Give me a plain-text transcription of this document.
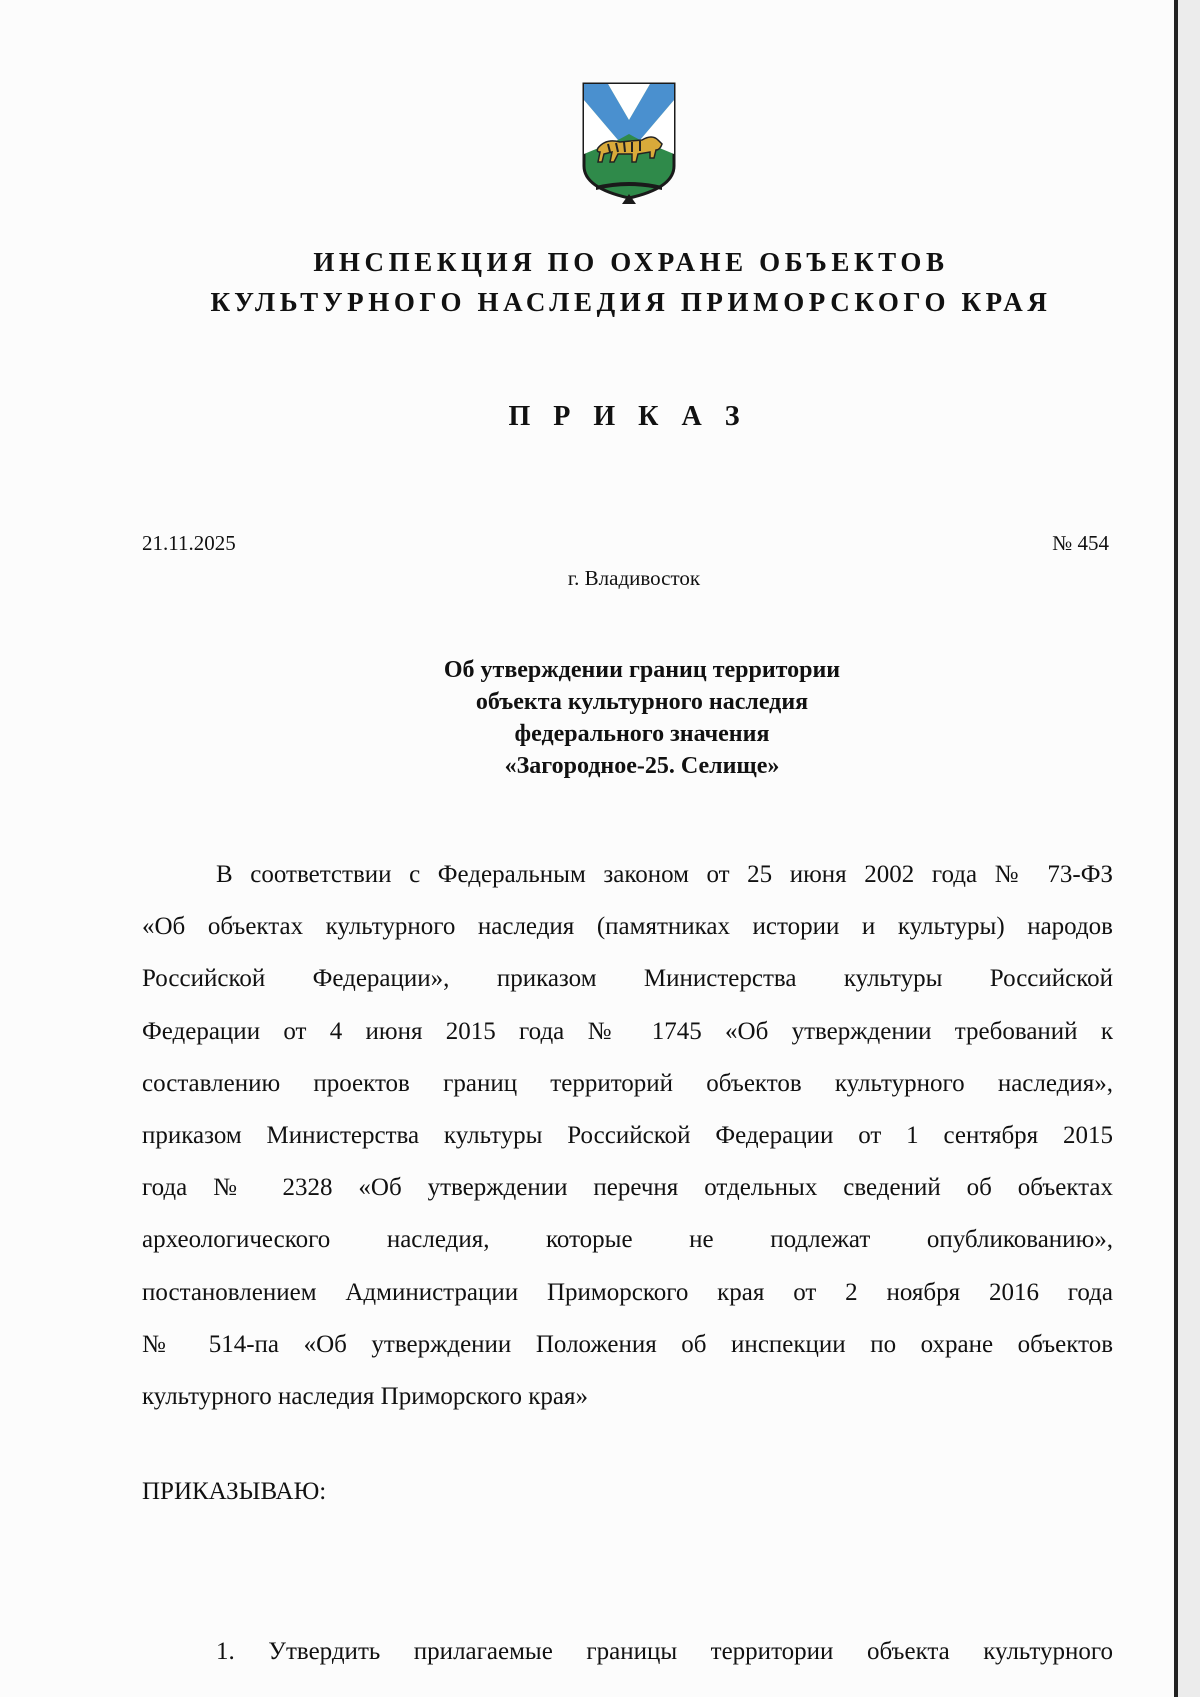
ИНСПЕКЦИЯ ПО ОХРАНЕ ОБЪЕКТОВ
КУЛЬТУРНОГО НАСЛЕДИЯ ПРИМОРСКОГО КРАЯ
П Р И К А З
21.11.2025	№ 454
г. Владивосток
Об утверждении границ территории
объекта культурного наследия
федерального значения
«Загородное-25. Селище»
В соответствии с Федеральным законом от 25 июня 2002 года № 73-ФЗ
«Об объектах культурного наследия (памятниках истории и культуры) народов
Российской Федерации», приказом Министерства культуры Российской
Федерации от 4 июня 2015 года № 1745 «Об утверждении требований к
составлению проектов границ территорий объектов культурного наследия»,
приказом Министерства культуры Российской Федерации от 1 сентября 2015
года № 2328 «Об утверждении перечня отдельных сведений об объектах
археологического наследия, которые не подлежат опубликованию»,
постановлением Администрации Приморского края от 2 ноября 2016 года
№ 514-па «Об утверждении Положения об инспекции по охране объектов
культурного наследия Приморского края»
ПРИКАЗЫВАЮ:
1. Утвердить прилагаемые границы территории объекта культурного
